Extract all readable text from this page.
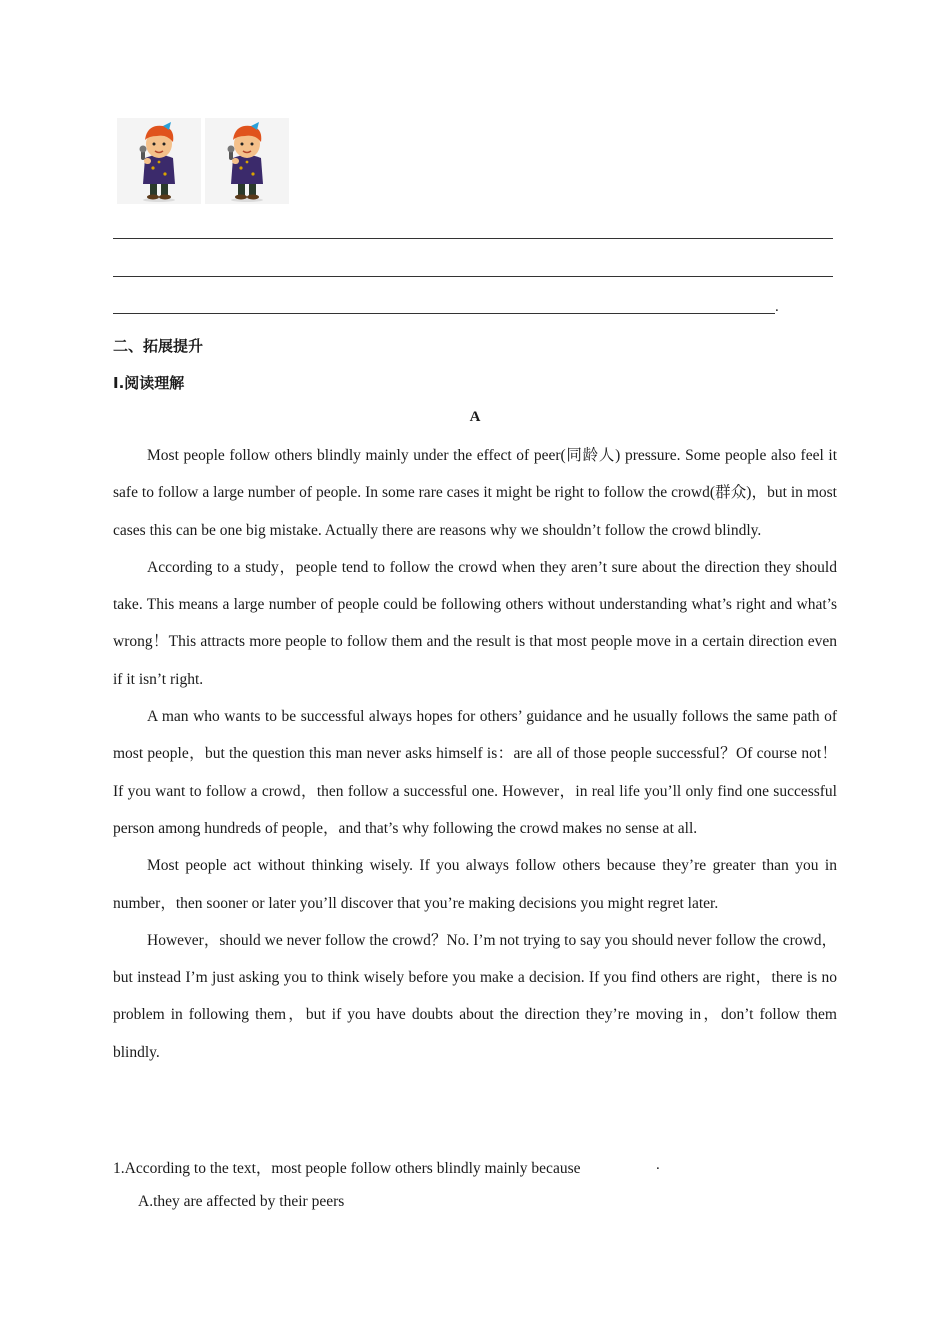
.
二、拓展提升
I.阅读理解
A

Most people follow others blindly mainly under the effect of peer(同龄人) pressure. Some people also feel it safe to follow a large number of people. In some rare cases it might be right to follow the crowd(群众)，but in most cases this can be one big mistake. Actually there are reasons why we shouldn’t follow the crowd blindly.

According to a study，people tend to follow the crowd when they aren’t sure about the direction they should take. This means a large number of people could be following others without understanding what’s right and what’s wrong！This attracts more people to follow them and the result is that most people move in a certain direction even if it isn’t right.

A man who wants to be successful always hopes for others’ guidance and he usually follows the same path of most people，but the question this man never asks himself is：are all of those people successful？Of course not！If you want to follow a crowd，then follow a successful one. However，in real life you’ll only find one successful person among hundreds of people，and that’s why following the crowd makes no sense at all.

Most people act without thinking wisely. If you always follow others because they’re greater than you in number，then sooner or later you’ll discover that you’re making decisions you might regret later.

However，should we never follow the crowd？No. I’m not trying to say you should never follow the crowd，but instead I’m just asking you to think wisely before you make a decision. If you find others are right，there is no problem in following them，but if you have doubts about the direction they’re moving in，don’t follow them blindly.

1.According to the text，most people follow others blindly mainly because	.
A.they are affected by their peers
